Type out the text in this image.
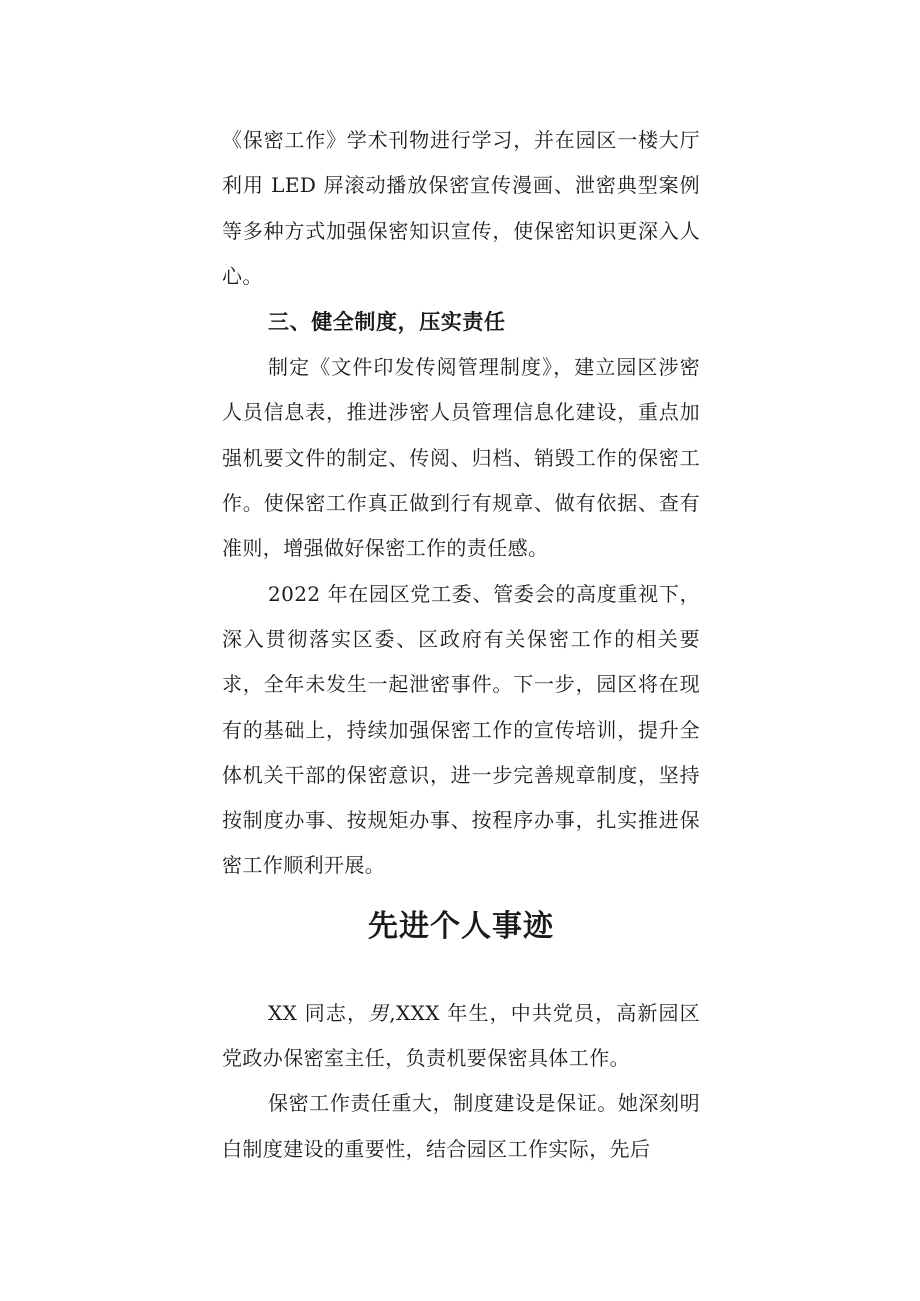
《保密工作》学术刊物进行学习，并在园区一楼大厅利用 LED 屏滚动播放保密宣传漫画、泄密典型案例等多种方式加强保密知识宣传，使保密知识更深入人心。

三、健全制度，压实责任

制定《文件印发传阅管理制度》，建立园区涉密人员信息表，推进涉密人员管理信息化建设，重点加强机要文件的制定、传阅、归档、销毁工作的保密工作。使保密工作真正做到行有规章、做有依据、查有准则，增强做好保密工作的责任感。

2022 年在园区党工委、管委会的高度重视下，深入贯彻落实区委、区政府有关保密工作的相关要求，全年未发生一起泄密事件。下一步，园区将在现有的基础上，持续加强保密工作的宣传培训，提升全体机关干部的保密意识，进一步完善规章制度，坚持按制度办事、按规矩办事、按程序办事，扎实推进保密工作顺利开展。

先进个人事迹

XX 同志，男,XXX 年生，中共党员，高新园区党政办保密室主任，负责机要保密具体工作。

保密工作责任重大，制度建设是保证。她深刻明白制度建设的重要性，结合园区工作实际，先后
